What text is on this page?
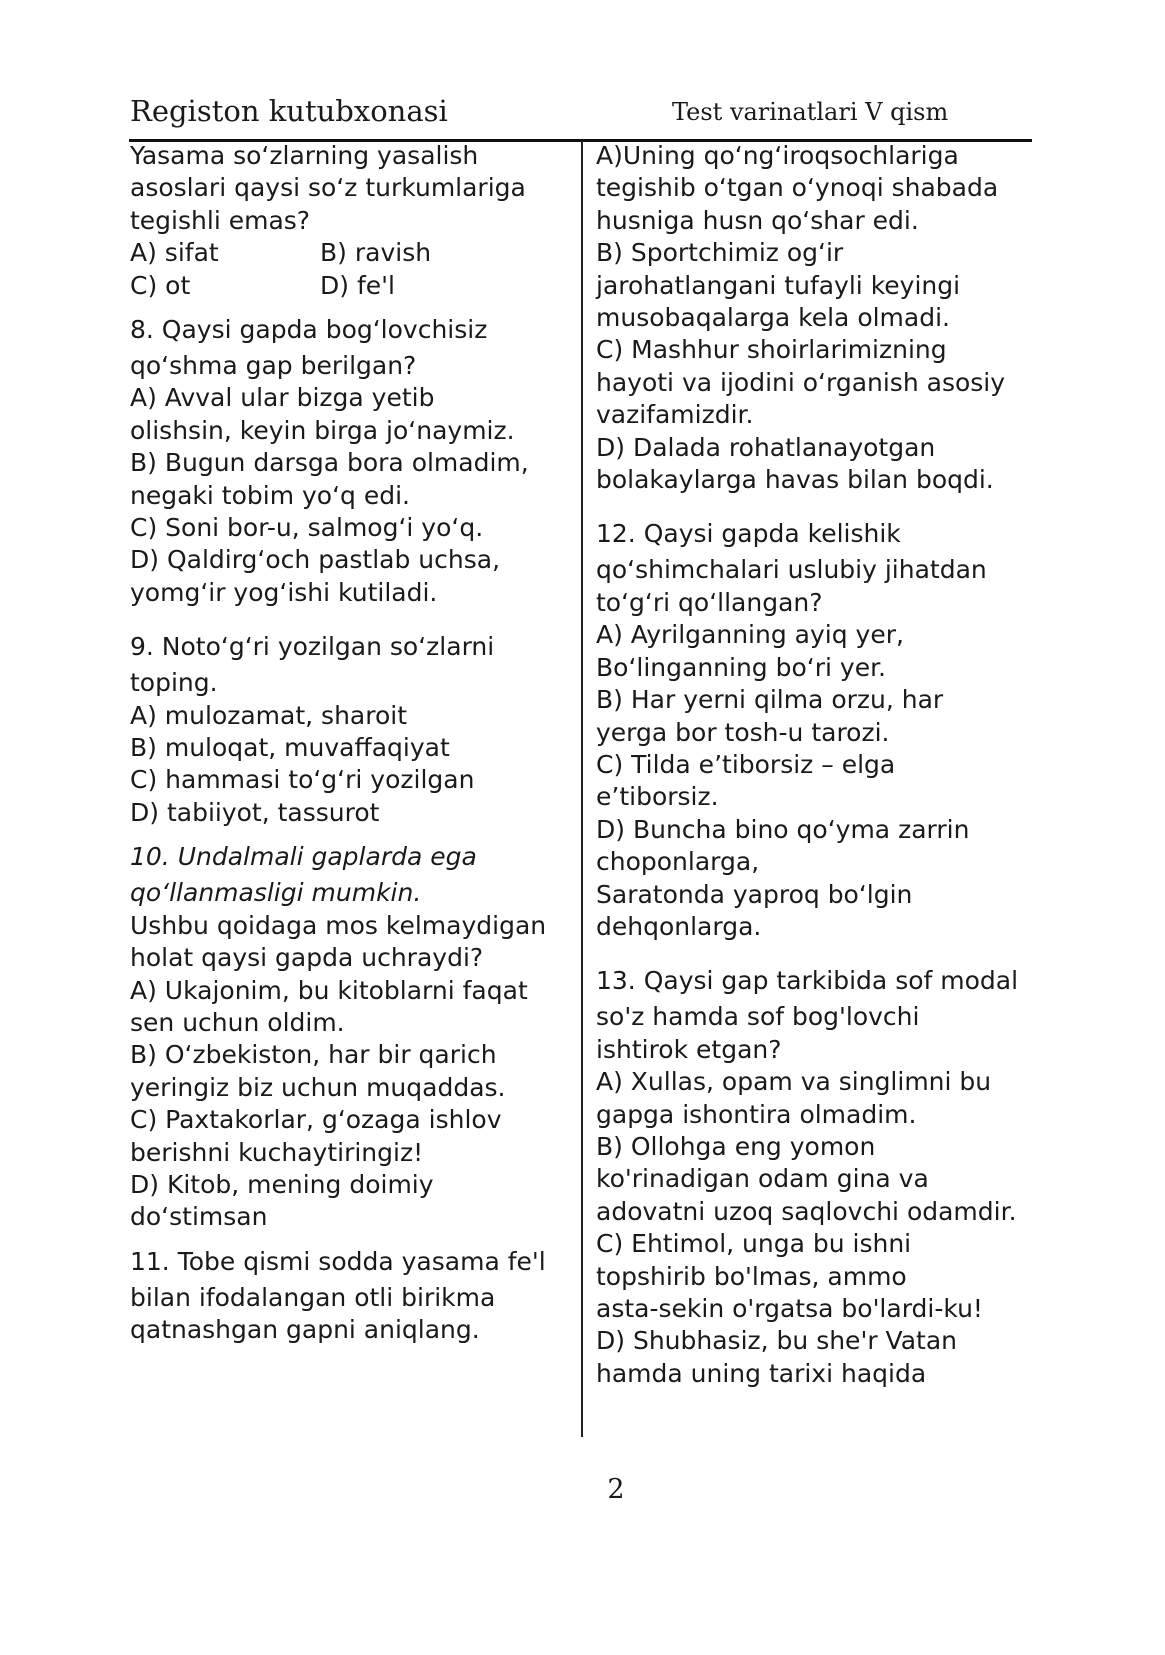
Registon kutubxonasi	Test varinatlari V qism
Yasama so‘zlarning yasalish
asoslari qaysi so‘z turkumlariga
tegishli emas?
A) sifat	B) ravish
C) ot	D) fe'l
8. Qaysi gapda bog‘lovchisiz
qo‘shma gap berilgan?
A) Avval ular bizga yetib
olishsin, keyin birga jo‘naymiz.
B) Bugun darsga bora olmadim,
negaki tobim yo‘q edi.
C) Soni bor-u, salmog‘i yo‘q.
D) Qaldirg‘och pastlab uchsa,
yomg‘ir yog‘ishi kutiladi.
9. Noto‘g‘ri yozilgan so‘zlarni
toping.
A) mulozamat, sharoit
B) muloqat, muvaffaqiyat
C) hammasi to‘g‘ri yozilgan
D) tabiiyot, tassurot
10. Undalmali gaplarda ega
qo‘llanmasligi mumkin.
Ushbu qoidaga mos kelmaydigan
holat qaysi gapda uchraydi?
A) Ukajonim, bu kitoblarni faqat
sen uchun oldim.
B) O‘zbekiston, har bir qarich
yeringiz biz uchun muqaddas.
C) Paxtakorlar, g‘ozaga ishlov
berishni kuchaytiringiz!
D) Kitob, mening doimiy
do‘stimsan
11. Tobe qismi sodda yasama fe'l
bilan ifodalangan otli birikma
qatnashgan gapni aniqlang.
A)Uning qo‘ng‘iroqsochlariga
tegishib o‘tgan o‘ynoqi shabada
husniga husn qo‘shar edi.
B) Sportchimiz og‘ir
jarohatlangani tufayli keyingi
musobaqalarga kela olmadi.
C) Mashhur shoirlarimizning
hayoti va ijodini o‘rganish asosiy
vazifamizdir.
D) Dalada rohatlanayotgan
bolakaylarga havas bilan boqdi.
12. Qaysi gapda kelishik
qo‘shimchalari uslubiy jihatdan
to‘g‘ri qo‘llangan?
A) Ayrilganning ayiq yer,
Bo‘linganning bo‘ri yer.
B) Har yerni qilma orzu, har
yerga bor tosh-u tarozi.
C) Tilda e’tiborsiz – elga
e’tiborsiz.
D) Buncha bino qo‘yma zarrin
choponlarga,
Saratonda yaproq bo‘lgin
dehqonlarga.
13. Qaysi gap tarkibida sof modal
so'z hamda sof bog'lovchi
ishtirok etgan?
A) Xullas, opam va singlimni bu
gapga ishontira olmadim.
B) Ollohga eng yomon
ko'rinadigan odam gina va
adovatni uzoq saqlovchi odamdir.
C) Ehtimol, unga bu ishni
topshirib bo'lmas, ammo
asta-sekin o'rgatsa bo'lardi-ku!
D) Shubhasiz, bu she'r Vatan
hamda uning tarixi haqida
2
